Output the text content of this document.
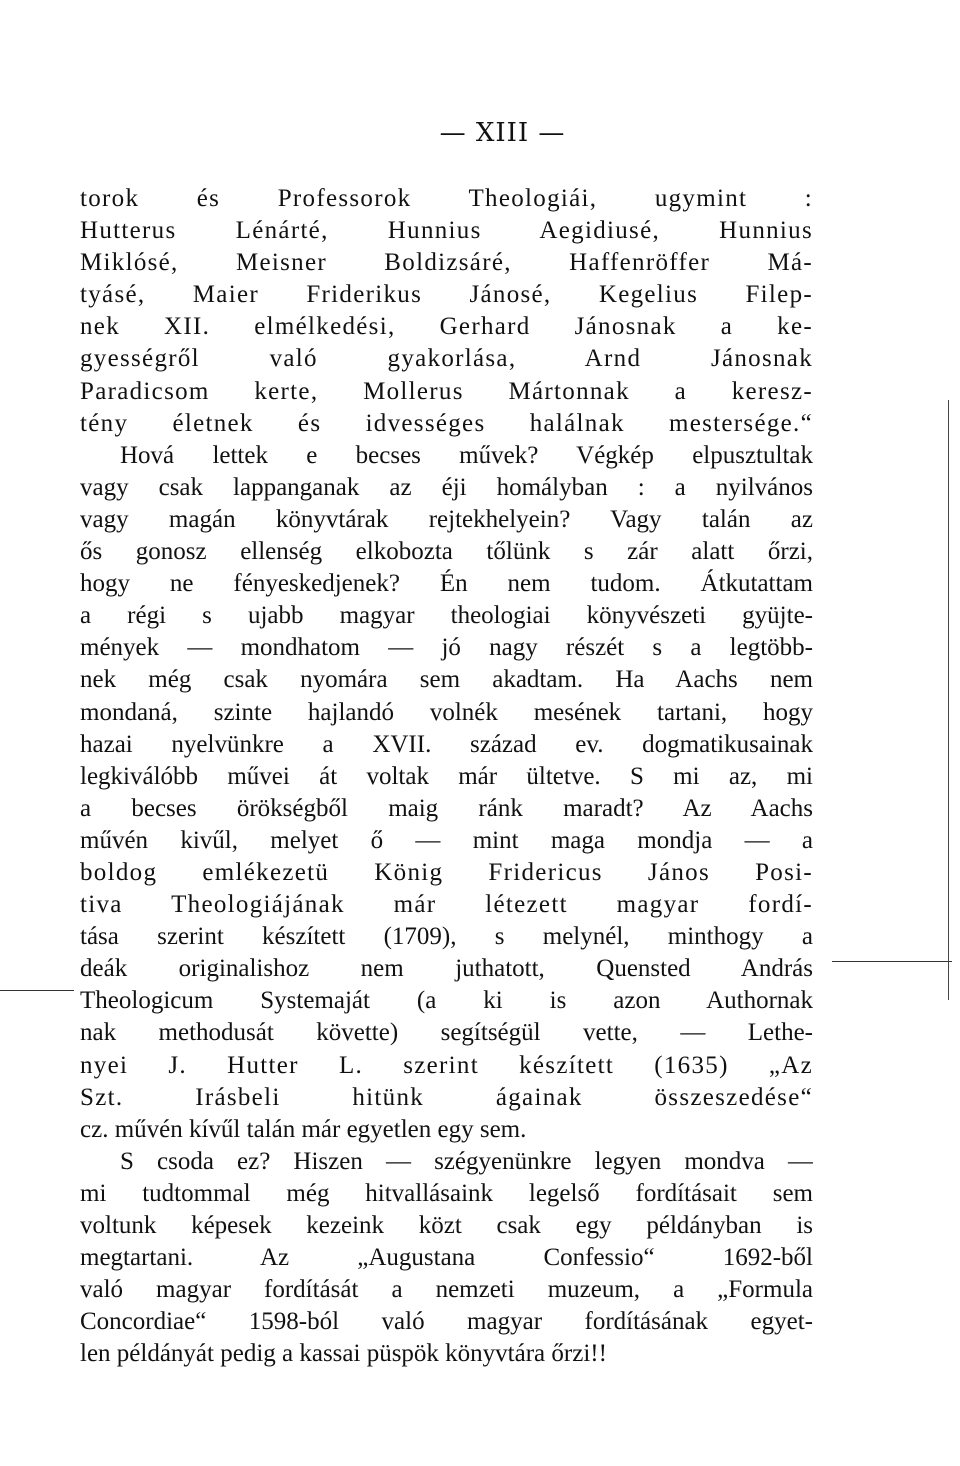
— XIII —
torok és Professorok Theologiái, ugymint :
Hutterus Lénárté, Hunnius Aegidiusé, Hunnius
Miklósé, Meisner Boldizsáré, Haffenröffer Má-
tyásé, Maier Friderikus Jánosé, Kegelius Filep-
nek XII. elmélkedési, Gerhard Jánosnak a ke-
gyességről való gyakorlása, Arnd Jánosnak
Paradicsom kerte, Mollerus Mártonnak a keresz-
tény életnek és idvességes halálnak mestersége.“
Hová lettek e becses művek? Végkép elpusztultak
vagy csak lappanganak az éji homályban : a nyilvános
vagy magán könyvtárak rejtekhelyein? Vagy talán az
ős gonosz ellenség elkobozta tőlünk s zár alatt őrzi,
hogy ne fényeskedjenek? Én nem tudom. Átkutattam
a régi s ujabb magyar theologiai könyvészeti gyüjte-
mények — mondhatom — jó nagy részét s a legtöbb-
nek még csak nyomára sem akadtam. Ha Aachs nem
mondaná, szinte hajlandó volnék mesének tartani, hogy
hazai nyelvünkre a XVII. század ev. dogmatikusainak
legkiválóbb művei át voltak már ültetve. S mi az, mi
a becses örökségből maig ránk maradt? Az Aachs
művén kivűl, melyet ő — mint maga mondja — a
boldog emlékezetü König Fridericus János Posi-
tiva Theologiájának már létezett magyar fordí-
tása szerint készített (1709), s melynél, minthogy a
deák originalishoz nem juthatott, Quensted András
Theologicum Systemaját (a ki is azon Authornak
nak methodusát követte) segítségül vette, — Lethe-
nyei J. Hutter L. szerint készített (1635) „Az
Szt. Irásbeli hitünk ágainak összeszedése“
cz. művén kívűl talán már egyetlen egy sem.
S csoda ez? Hiszen — szégyenünkre legyen mondva —
mi tudtommal még hitvallásaink legelső fordításait sem
voltunk képesek kezeink közt csak egy példányban is
megtartani. Az „Augustana Confessio“ 1692-ből
való magyar fordítását a nemzeti muzeum, a „Formula
Concordiae“ 1598-ból való magyar fordításának egyet-
len példányát pedig a kassai püspök könyvtára őrzi!!
